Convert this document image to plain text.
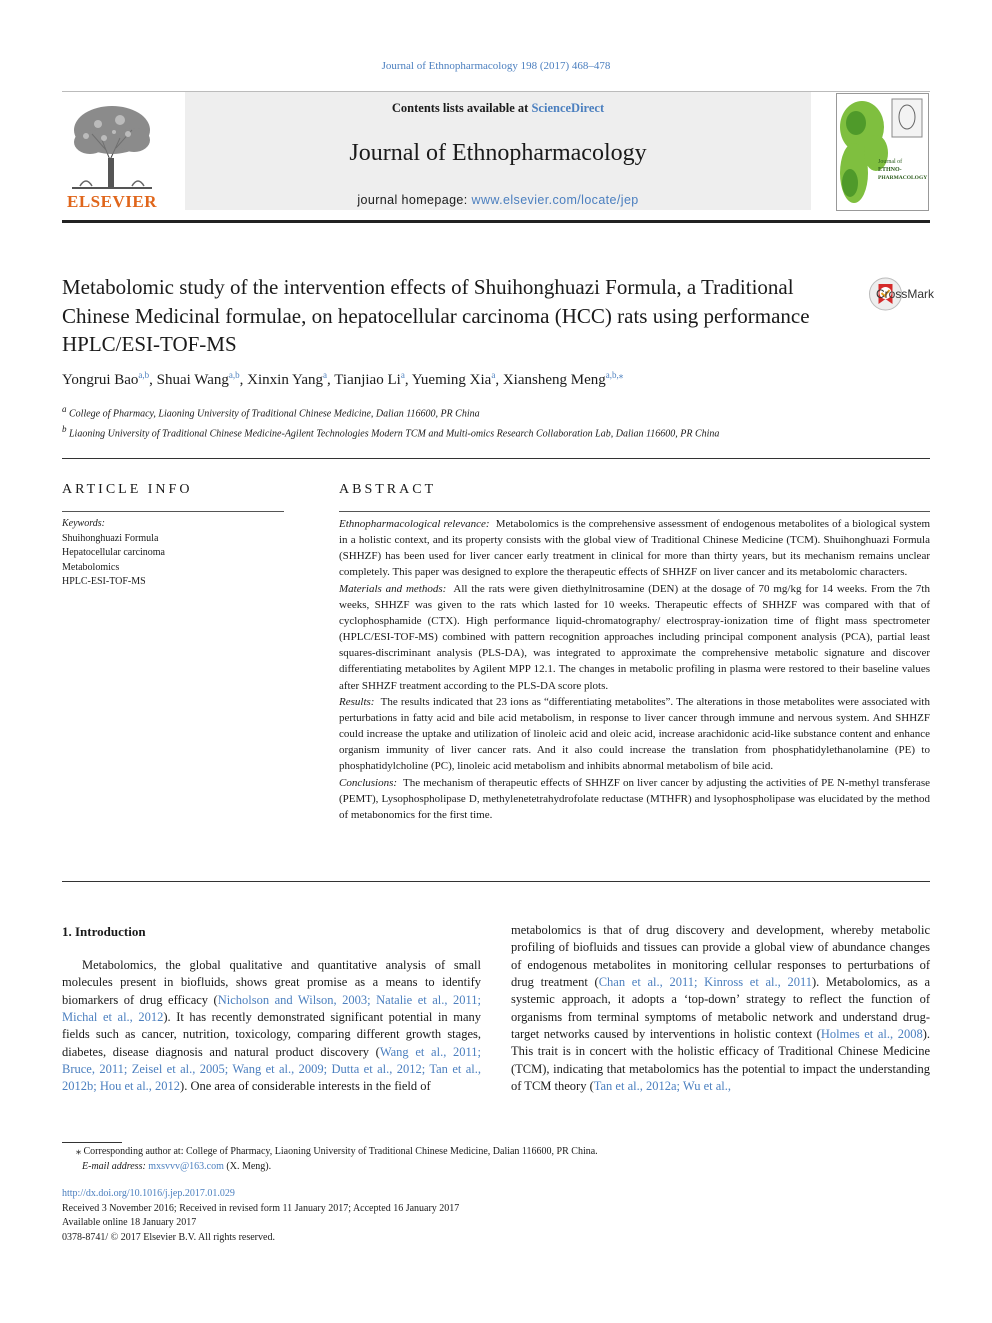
Journal of Ethnopharmacology 198 (2017) 468–478
Contents lists available at ScienceDirect
Journal of Ethnopharmacology
journal homepage: www.elsevier.com/locate/jep
ELSEVIER
Journal of
ETHNO-
PHARMACOLOGY
Metabolomic study of the intervention effects of Shuihonghuazi Formula, a Traditional Chinese Medicinal formulae, on hepatocellular carcinoma (HCC) rats using performance HPLC/ESI-TOF-MS
CrossMark
Yongrui Bao$^{a,b}$, Shuai Wang$^{a,b}$, Xinxin Yang$^a$, Tianjiao Li$^a$, Yueming Xia$^a$, Xiansheng Meng$^{a,b,⁎}$
$^a$ College of Pharmacy, Liaoning University of Traditional Chinese Medicine, Dalian 116600, PR China
$^b$ Liaoning University of Traditional Chinese Medicine-Agilent Technologies Modern TCM and Multi-omics Research Collaboration Lab, Dalian 116600, PR China
ARTICLE INFO	ABSTRACT
Keywords:
Shuihonghuazi Formula
Hepatocellular carcinoma
Metabolomics
HPLC-ESI-TOF-MS

Ethnopharmacological relevance: Metabolomics is the comprehensive assessment of endogenous metabolites of a biological system in a holistic context, and its property consists with the global view of Traditional Chinese Medicine (TCM). Shuihonghuazi Formula (SHHZF) has been used for liver cancer early treatment in clinical for more than thirty years, but its mechanism remains unclear completely. This paper was designed to explore the therapeutic effects of SHHZF on liver cancer and its metabolomic characters.

Materials and methods: All the rats were given diethylnitrosamine (DEN) at the dosage of 70 mg/kg for 14 weeks. From the 7th weeks, SHHZF was given to the rats which lasted for 10 weeks. Therapeutic effects of SHHZF was compared with that of cyclophosphamide (CTX). High performance liquid-chromatography/ electrospray-ionization time of flight mass spectrometer (HPLC/ESI-TOF-MS) combined with pattern recognition approaches including principal component analysis (PCA), partial least squares-discriminant analysis (PLS-DA), was integrated to approximate the comprehensive metabolic signature and discover differentiating metabolites by Agilent MPP 12.1. The changes in metabolic profiling in plasma were restored to their baseline values after SHHZF treatment according to the PLS-DA score plots.

Results: The results indicated that 23 ions as “differentiating metabolites”. The alterations in those metabolites were associated with perturbations in fatty acid and bile acid metabolism, in response to liver cancer through immune and nervous system. And SHHZF could increase the uptake and utilization of linoleic acid and oleic acid, increase arachidonic acid-like substance content and enhance organism immunity of liver cancer rats. And it also could increase the translation from phosphatidylethanolamine (PE) to phosphatidylcholine (PC), linoleic acid metabolism and inhibits abnormal metabolism of bile acid.

Conclusions: The mechanism of therapeutic effects of SHHZF on liver cancer by adjusting the activities of PE N-methyl transferase (PEMT), Lysophospholipase D, methylenetetrahydrofolate reductase (MTHFR) and lysophospholipase was elucidated by the method of metabonomics for the first time.

1. Introduction

Metabolomics, the global qualitative and quantitative analysis of small molecules present in biofluids, shows great promise as a means to identify biomarkers of drug efficacy (Nicholson and Wilson, 2003; Natalie et al., 2011; Michal et al., 2012). It has recently demonstrated significant potential in many fields such as cancer, nutrition, toxicology, comparing different growth stages, diabetes, disease diagnosis and natural product discovery (Wang et al., 2011; Bruce, 2011; Zeisel et al., 2005; Wang et al., 2009; Dutta et al., 2012; Tan et al., 2012b; Hou et al., 2012). One area of considerable interests in the field of

metabolomics is that of drug discovery and development, whereby metabolic profiling of biofluids and tissues can provide a global view of abundance changes of endogenous metabolites in monitoring cellular responses to perturbations of drug treatment (Chan et al., 2011; Kinross et al., 2011). Metabolomics, as a systemic approach, it adopts a ‘top-down’ strategy to reflect the function of organisms from terminal symptoms of metabolic network and understand drug-target networks caused by interventions in holistic context (Holmes et al., 2008). This trait is in concert with the holistic efficacy of Traditional Chinese Medicine (TCM), indicating that metabolomics has the potential to impact the understanding of TCM theory (Tan et al., 2012a; Wu et al.,

⁎ Corresponding author at: College of Pharmacy, Liaoning University of Traditional Chinese Medicine, Dalian 116600, PR China.
E-mail address: mxsvvv@163.com (X. Meng).
http://dx.doi.org/10.1016/j.jep.2017.01.029
Received 3 November 2016; Received in revised form 11 January 2017; Accepted 16 January 2017
Available online 18 January 2017
0378-8741/ © 2017 Elsevier B.V. All rights reserved.
